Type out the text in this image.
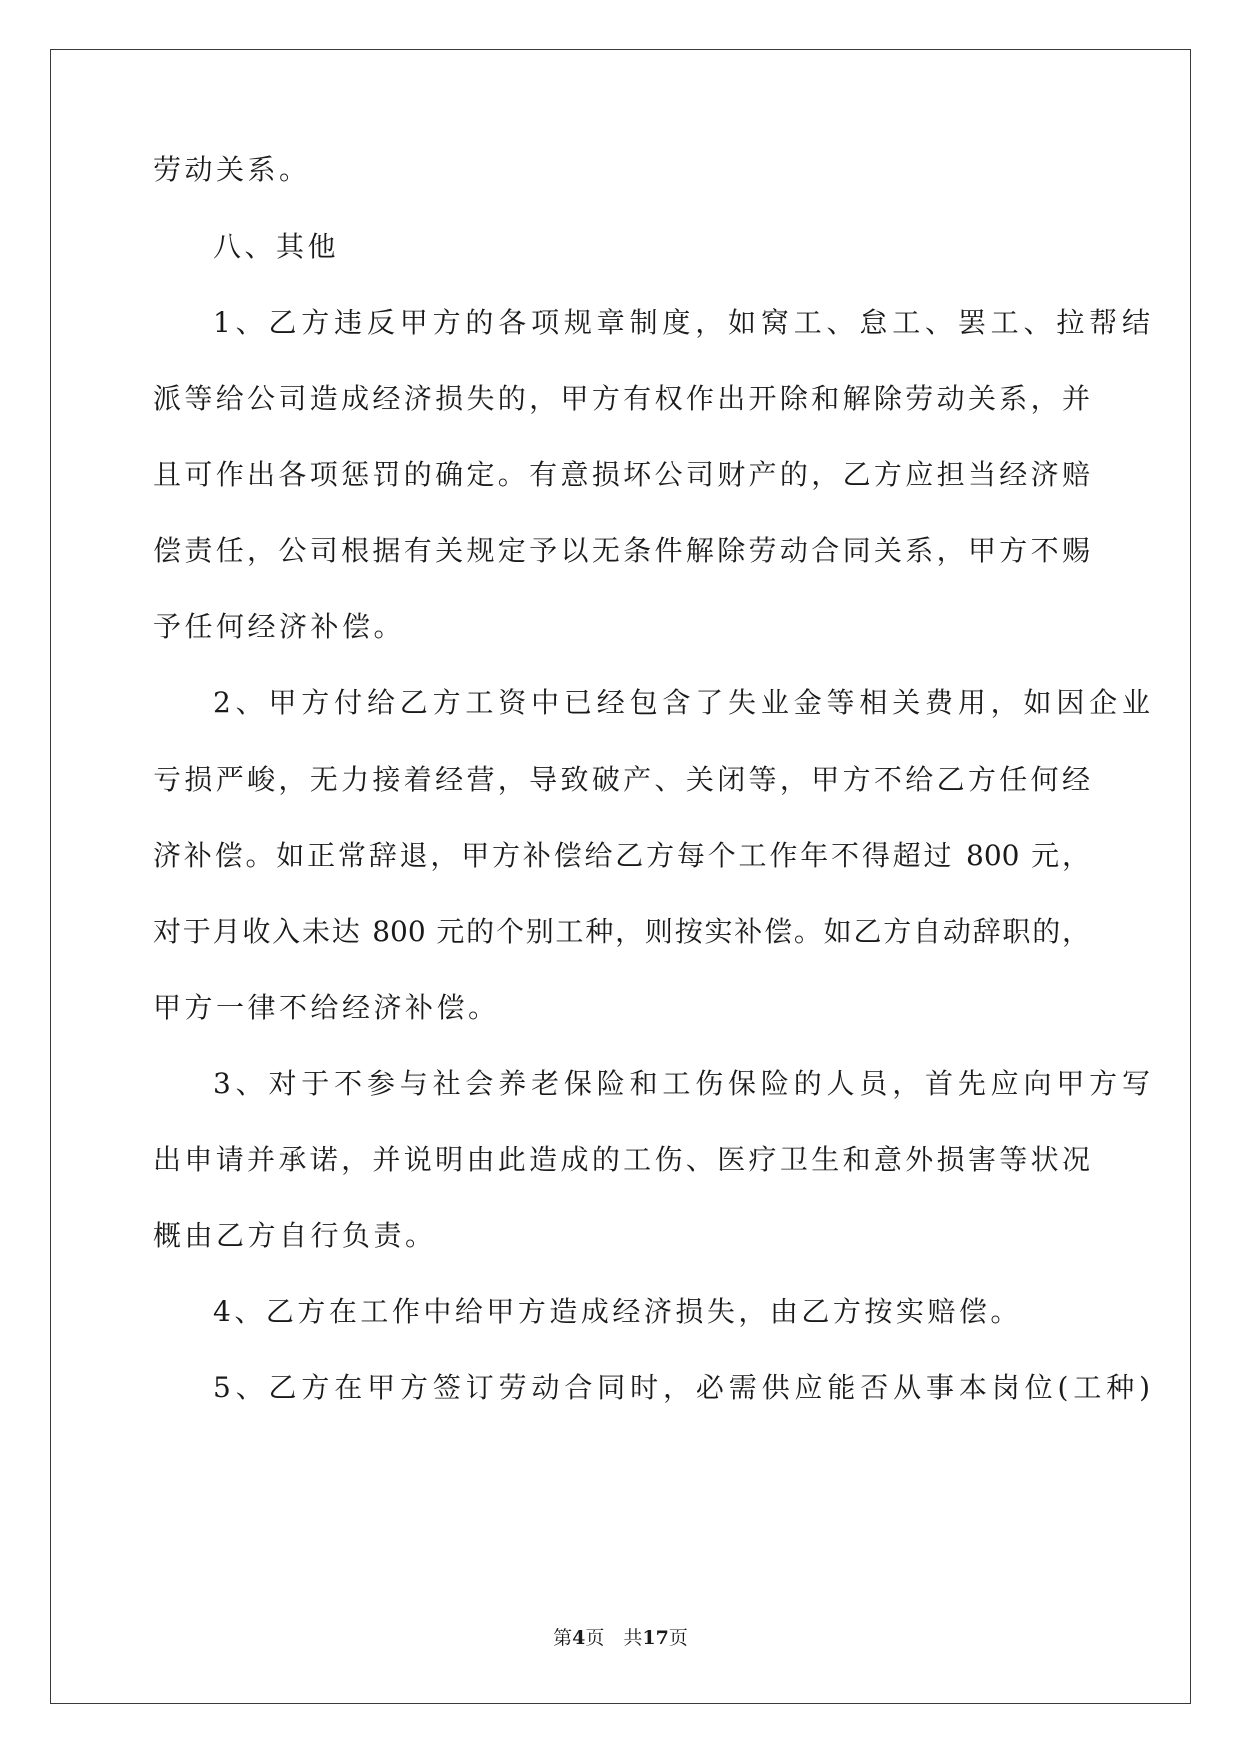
劳动关系。
八、其他
1、乙方违反甲方的各项规章制度，如窝工、怠工、罢工、拉帮结
派等给公司造成经济损失的，甲方有权作出开除和解除劳动关系，并
且可作出各项惩罚的确定。有意损坏公司财产的，乙方应担当经济赔
偿责任，公司根据有关规定予以无条件解除劳动合同关系，甲方不赐
予任何经济补偿。
2、甲方付给乙方工资中已经包含了失业金等相关费用，如因企业
亏损严峻，无力接着经营，导致破产、关闭等，甲方不给乙方任何经
济补偿。如正常辞退，甲方补偿给乙方每个工作年不得超过 800 元，
对于月收入未达 800 元的个别工种，则按实补偿。如乙方自动辞职的，
甲方一律不给经济补偿。
3、对于不参与社会养老保险和工伤保险的人员，首先应向甲方写
出申请并承诺，并说明由此造成的工伤、医疗卫生和意外损害等状况
概由乙方自行负责。
4、乙方在工作中给甲方造成经济损失，由乙方按实赔偿。
5、乙方在甲方签订劳动合同时，必需供应能否从事本岗位(工种)
第4页　共17页
